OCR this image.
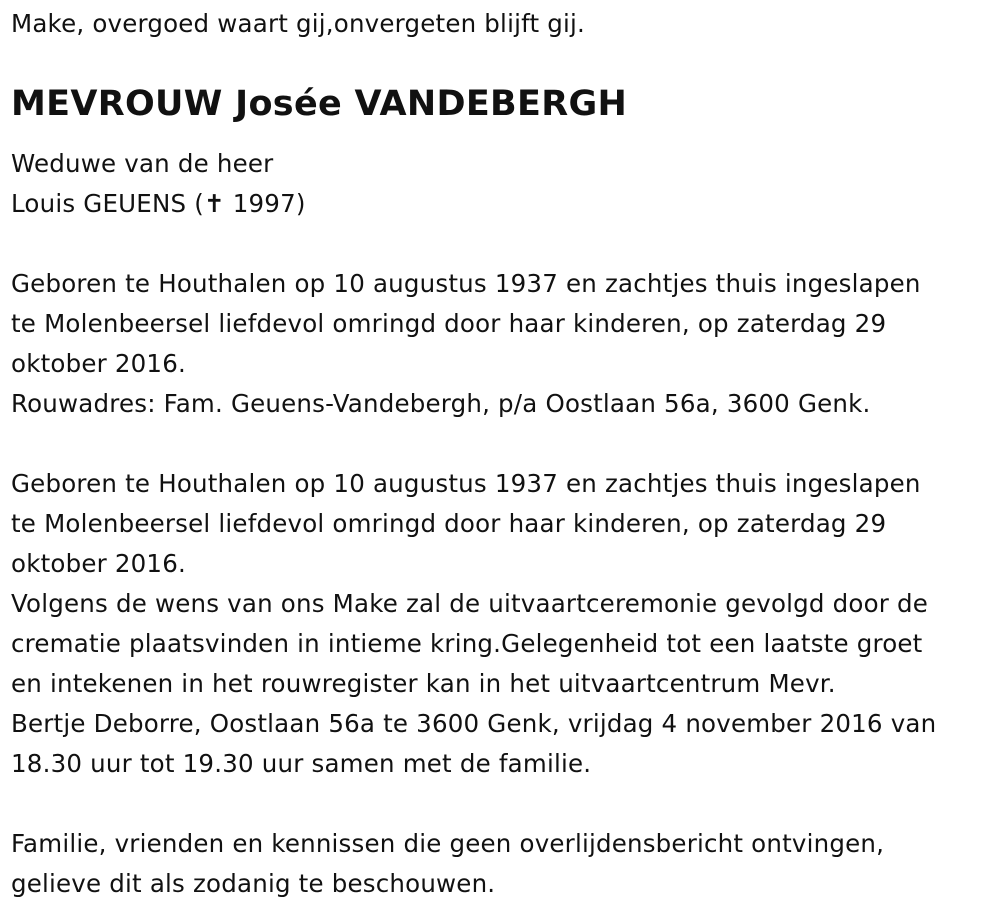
Make, overgoed waart gij,onvergeten blijft gij.
MEVROUW Josée VANDEBERGH
Weduwe van de heer
Louis GEUENS (✝ 1997)
Geboren te Houthalen op 10 augustus 1937 en zachtjes thuis ingeslapen
te Molenbeersel liefdevol omringd door haar kinderen, op zaterdag 29
oktober 2016.
Rouwadres: Fam. Geuens-Vandebergh, p/a Oostlaan 56a, 3600 Genk.
Geboren te Houthalen op 10 augustus 1937 en zachtjes thuis ingeslapen
te Molenbeersel liefdevol omringd door haar kinderen, op zaterdag 29
oktober 2016.
Volgens de wens van ons Make zal de uitvaartceremonie gevolgd door de
crematie plaatsvinden in intieme kring.Gelegenheid tot een laatste groet
en intekenen in het rouwregister kan in het uitvaartcentrum Mevr.
Bertje Deborre, Oostlaan 56a te 3600 Genk, vrijdag 4 november 2016 van
18.30 uur tot 19.30 uur samen met de familie.
Familie, vrienden en kennissen die geen overlijdensbericht ontvingen,
gelieve dit als zodanig te beschouwen.
